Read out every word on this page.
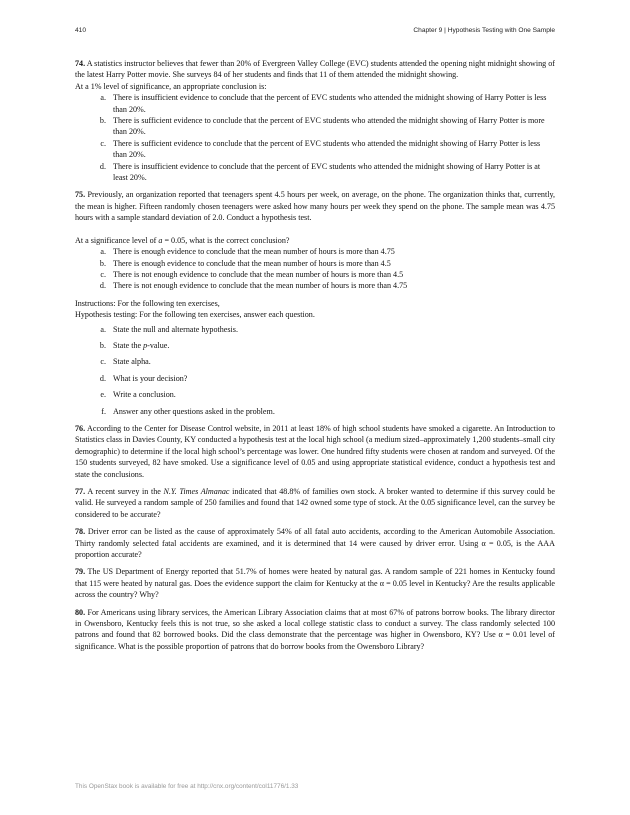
410	Chapter 9 | Hypothesis Testing with One Sample

74. A statistics instructor believes that fewer than 20% of Evergreen Valley College (EVC) students attended the opening night midnight showing of the latest Harry Potter movie. She surveys 84 of her students and finds that 11 of them attended the midnight showing.

At a 1% level of significance, an appropriate conclusion is:

a. There is insufficient evidence to conclude that the percent of EVC students who attended the midnight showing of Harry Potter is less than 20%.
b. There is sufficient evidence to conclude that the percent of EVC students who attended the midnight showing of Harry Potter is more than 20%.
c. There is sufficient evidence to conclude that the percent of EVC students who attended the midnight showing of Harry Potter is less than 20%.
d. There is insufficient evidence to conclude that the percent of EVC students who attended the midnight showing of Harry Potter is at least 20%.

75. Previously, an organization reported that teenagers spent 4.5 hours per week, on average, on the phone. The organization thinks that, currently, the mean is higher. Fifteen randomly chosen teenagers were asked how many hours per week they spend on the phone. The sample mean was 4.75 hours with a sample standard deviation of 2.0. Conduct a hypothesis test.

At a significance level of a = 0.05, what is the correct conclusion?

a. There is enough evidence to conclude that the mean number of hours is more than 4.75
b. There is enough evidence to conclude that the mean number of hours is more than 4.5
c. There is not enough evidence to conclude that the mean number of hours is more than 4.5
d. There is not enough evidence to conclude that the mean number of hours is more than 4.75

Instructions: For the following ten exercises,

Hypothesis testing: For the following ten exercises, answer each question.

a. State the null and alternate hypothesis.
b. State the p-value.
c. State alpha.
d. What is your decision?
e. Write a conclusion.
f. Answer any other questions asked in the problem.

76. According to the Center for Disease Control website, in 2011 at least 18% of high school students have smoked a cigarette. An Introduction to Statistics class in Davies County, KY conducted a hypothesis test at the local high school (a medium sized–approximately 1,200 students–small city demographic) to determine if the local high school’s percentage was lower. One hundred fifty students were chosen at random and surveyed. Of the 150 students surveyed, 82 have smoked. Use a significance level of 0.05 and using appropriate statistical evidence, conduct a hypothesis test and state the conclusions.

77. A recent survey in the N.Y. Times Almanac indicated that 48.8% of families own stock. A broker wanted to determine if this survey could be valid. He surveyed a random sample of 250 families and found that 142 owned some type of stock. At the 0.05 significance level, can the survey be considered to be accurate?

78. Driver error can be listed as the cause of approximately 54% of all fatal auto accidents, according to the American Automobile Association. Thirty randomly selected fatal accidents are examined, and it is determined that 14 were caused by driver error. Using α = 0.05, is the AAA proportion accurate?

79. The US Department of Energy reported that 51.7% of homes were heated by natural gas. A random sample of 221 homes in Kentucky found that 115 were heated by natural gas. Does the evidence support the claim for Kentucky at the α = 0.05 level in Kentucky? Are the results applicable across the country? Why?

80. For Americans using library services, the American Library Association claims that at most 67% of patrons borrow books. The library director in Owensboro, Kentucky feels this is not true, so she asked a local college statistic class to conduct a survey. The class randomly selected 100 patrons and found that 82 borrowed books. Did the class demonstrate that the percentage was higher in Owensboro, KY? Use α = 0.01 level of significance. What is the possible proportion of patrons that do borrow books from the Owensboro Library?

This OpenStax book is available for free at http://cnx.org/content/col11776/1.33
